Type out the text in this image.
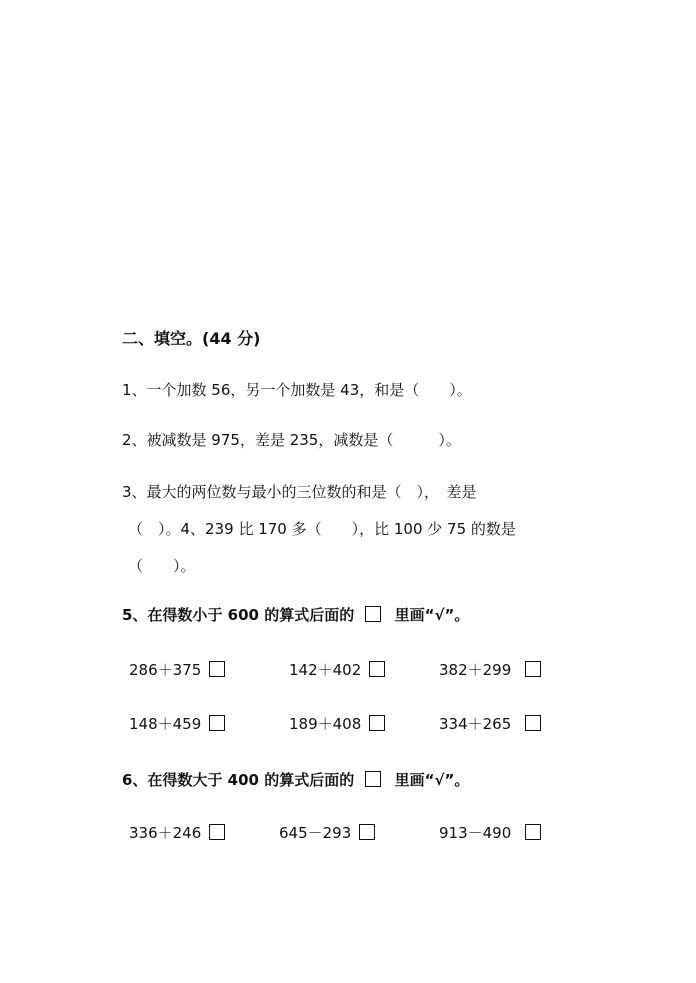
二、填空。(44 分)
1、一个加数 56，另一个加数是 43，和是（　　）。
2、被减数是 975，差是 235，减数是（　　　）。
3、最大的两位数与最小的三位数的和是（　），　差是
（　）。4、239 比 170 多（　　），比 100 少 75 的数是
（　　）。
5、在得数小于 600 的算式后面的	里画“√”。
286＋375	142＋402	382＋299
148＋459	189＋408	334＋265
6、在得数大于 400 的算式后面的	里画“√”。
336＋246	645－293	913－490
